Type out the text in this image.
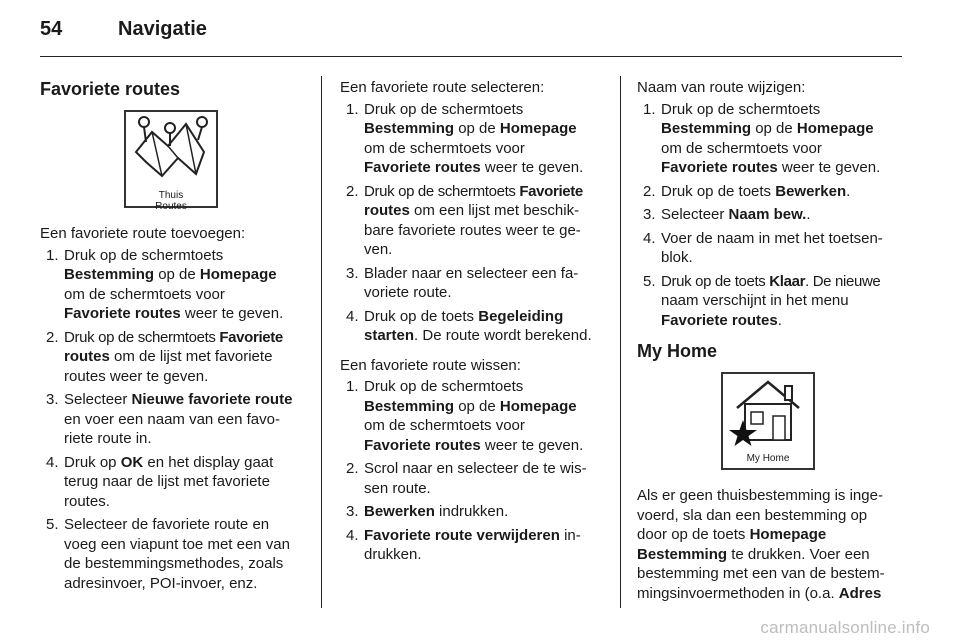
54	Navigatie
Favoriete routes
Thuis
Routes

Een favoriete route toevoegen:

1. Druk op de schermtoets
Bestemming op de Homepage
om de schermtoets voor
Favoriete routes weer te geven.
2. Druk op de schermtoets Favoriete
routes om de lijst met favoriete
routes weer te geven.
3. Selecteer Nieuwe favoriete route
en voer een naam van een favo-
riete route in.
4. Druk op OK en het display gaat
terug naar de lijst met favoriete
routes.
5. Selecteer de favoriete route en
voeg een viapunt toe met een van
de bestemmingsmethodes, zoals
adresinvoer, POI-invoer, enz.

Een favoriete route selecteren:

1. Druk op de schermtoets
Bestemming op de Homepage
om de schermtoets voor
Favoriete routes weer te geven.
2. Druk op de schermtoets Favoriete
routes om een lijst met beschik-
bare favoriete routes weer te ge-
ven.
3. Blader naar en selecteer een fa-
voriete route.
4. Druk op de toets Begeleiding
starten. De route wordt berekend.

Een favoriete route wissen:

1. Druk op de schermtoets
Bestemming op de Homepage
om de schermtoets voor
Favoriete routes weer te geven.
2. Scrol naar en selecteer de te wis-
sen route.
3. Bewerken indrukken.
4. Favoriete route verwijderen in-
drukken.

Naam van route wijzigen:

1. Druk op de schermtoets
Bestemming op de Homepage
om de schermtoets voor
Favoriete routes weer te geven.
2. Druk op de toets Bewerken.
3. Selecteer Naam bew..
4. Voer de naam in met het toetsen-
blok.
5. Druk op de toets Klaar. De nieuwe
naam verschijnt in het menu
Favoriete routes.
My Home
My Home

Als er geen thuisbestemming is inge-
voerd, sla dan een bestemming op
door op de toets Homepage
Bestemming te drukken. Voer een
bestemming met een van de bestem-
mingsinvoermethoden in (o.a. Adres

carmanualsonline.info
